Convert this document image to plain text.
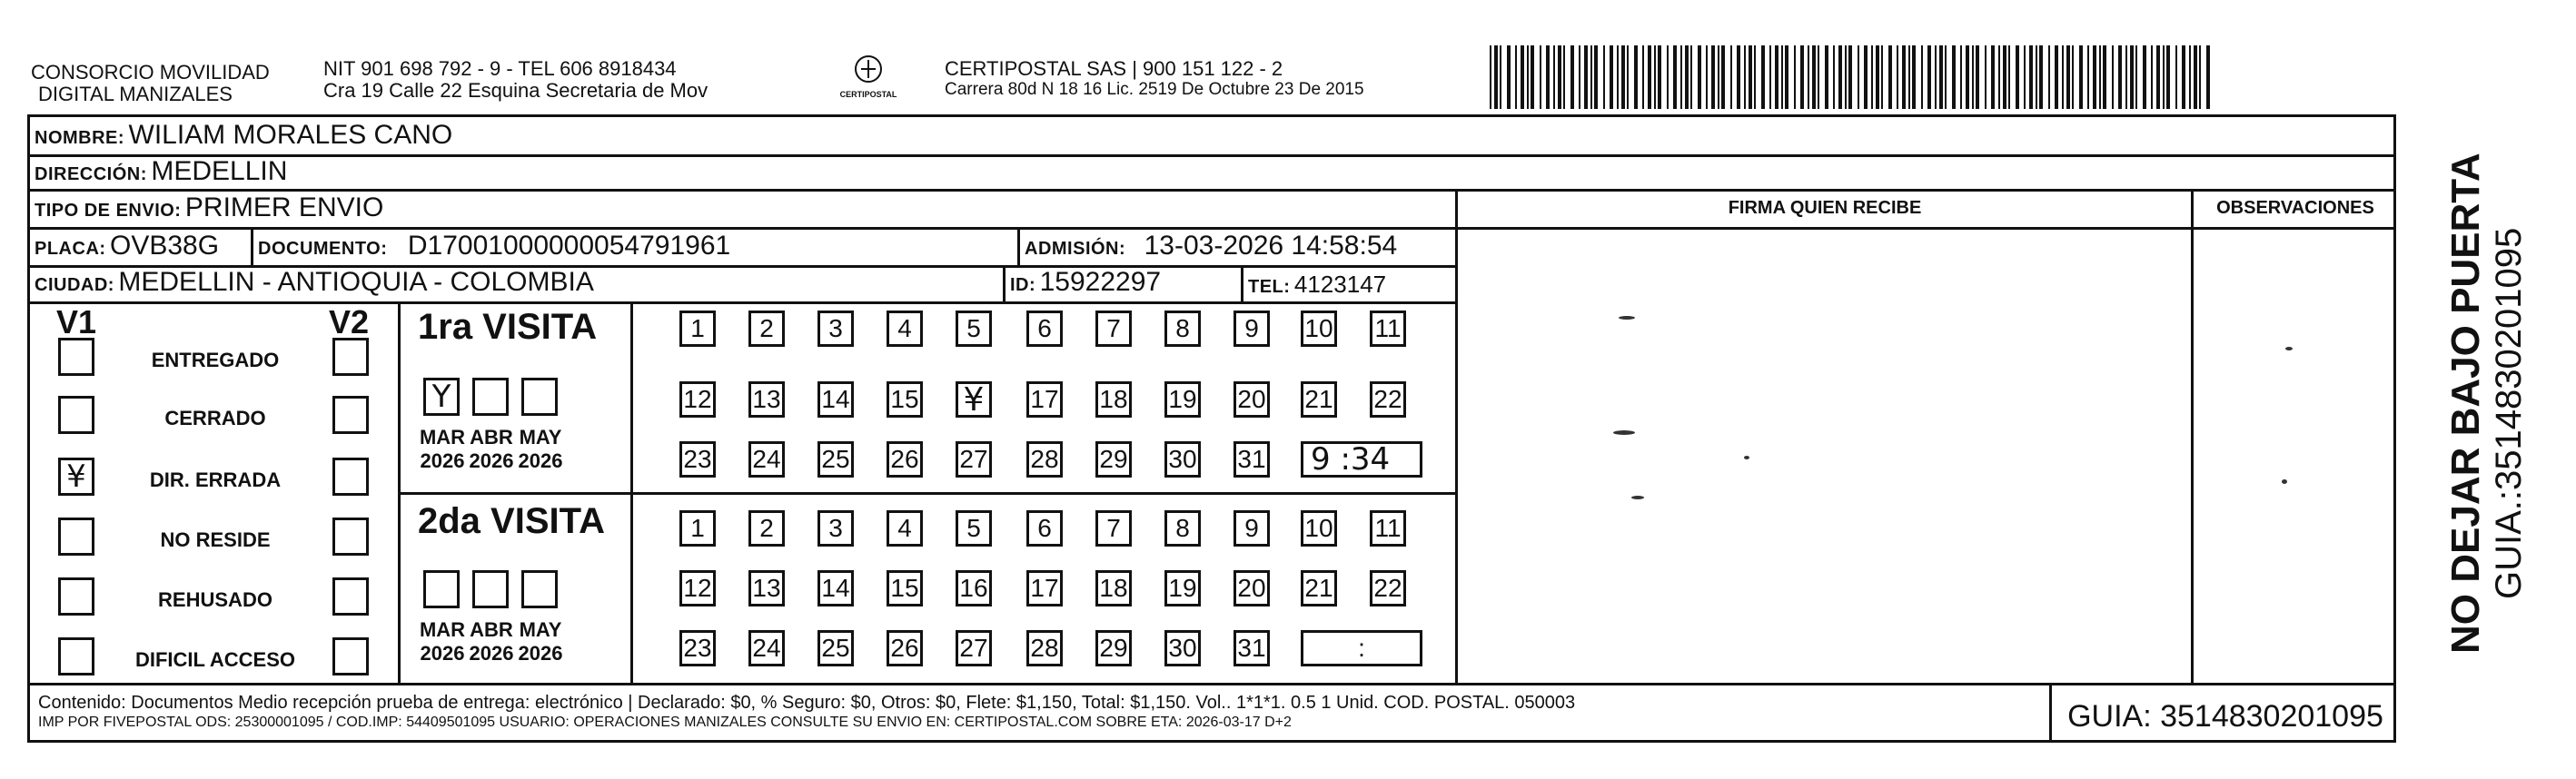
CONSORCIO MOVILIDAD
DIGITAL MANIZALES
NIT 901 698 792 - 9 - TEL 606 8918434
Cra 19 Calle 22 Esquina Secretaria de Mov	CERTIPOSTAL
CERTIPOSTAL SAS | 900 151 122 - 2
Carrera 80d N 18 16 Lic. 2519 De Octubre 23 De 2015
NOMBRE: WILIAM MORALES CANO
DIRECCIÓN: MEDELLIN
TIPO DE ENVIO: PRIMER ENVIO	FIRMA QUIEN RECIBE	OBSERVACIONES
PLACA: OVB38G DOCUMENTO: D17001000000054791961	ADMISIÓN: 13-03-2026 14:58:54
CIUDAD: MEDELLIN - ANTIOQUIA - COLOMBIA	ID: 15922297	TEL: 4123147
V1	V2
ENTREGADO
CERRADO
¥	DIR. ERRADA
NO RESIDE
REHUSADO
DIFICIL ACCESO
1ra VISITA
Y
MAR
2026
ABR
2026
MAY
2026
1	2	3	4	5	6	7	8	9	10 11
12 13 14 15 ¥	17 18 19 20 21 22
23 24 25 26 27 28 29 30 31	9 :34
2da VISITA
MAR
2026
ABR
2026
MAY
2026
1	2	3	4	5	6	7	8	9	10 11
12 13 14 15 16 17 18 19 20 21 22
23 24 25 26 27 28 29 30 31	:
Contenido: Documentos Medio recepción prueba de entrega: electrónico | Declarado: $0, % Seguro: $0, Otros: $0, Flete: $1,150, Total: $1,150. Vol.. 1*1*1. 0.5 1 Unid. COD. POSTAL. 050003
IMP POR FIVEPOSTAL ODS: 25300001095 / COD.IMP: 54409501095 USUARIO: OPERACIONES MANIZALES CONSULTE SU ENVIO EN: CERTIPOSTAL.COM SOBRE ETA: 2026-03-17 D+2	GUIA: 3514830201095
NO DEJAR BAJO PUERTA GUIA.:3514830201095
